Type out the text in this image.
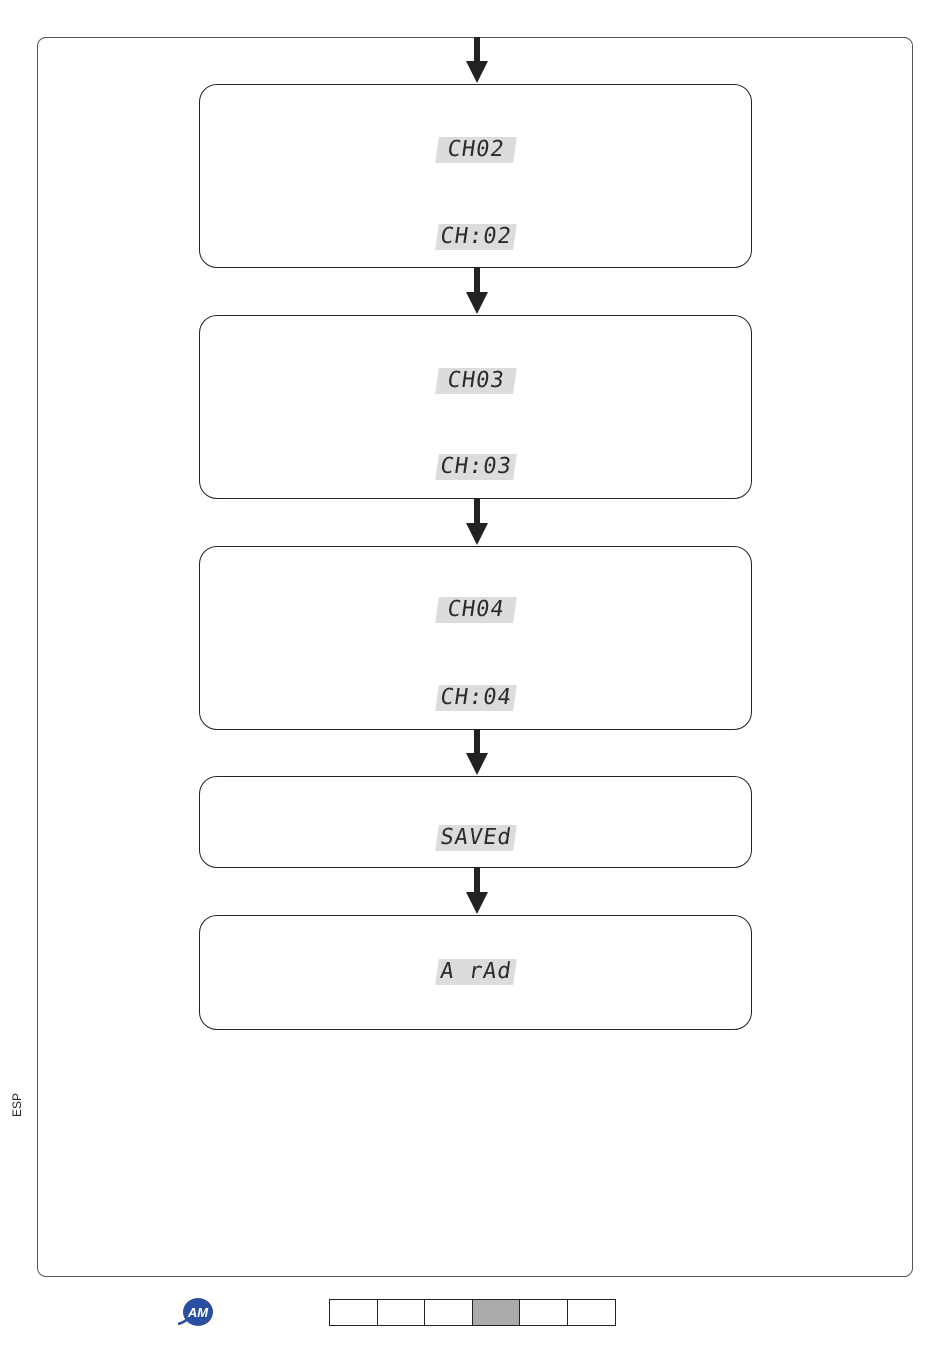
CH02
CH:02
CH03
CH:03
CH04
CH:04
SAVEd
A rAd
ESP
AM
